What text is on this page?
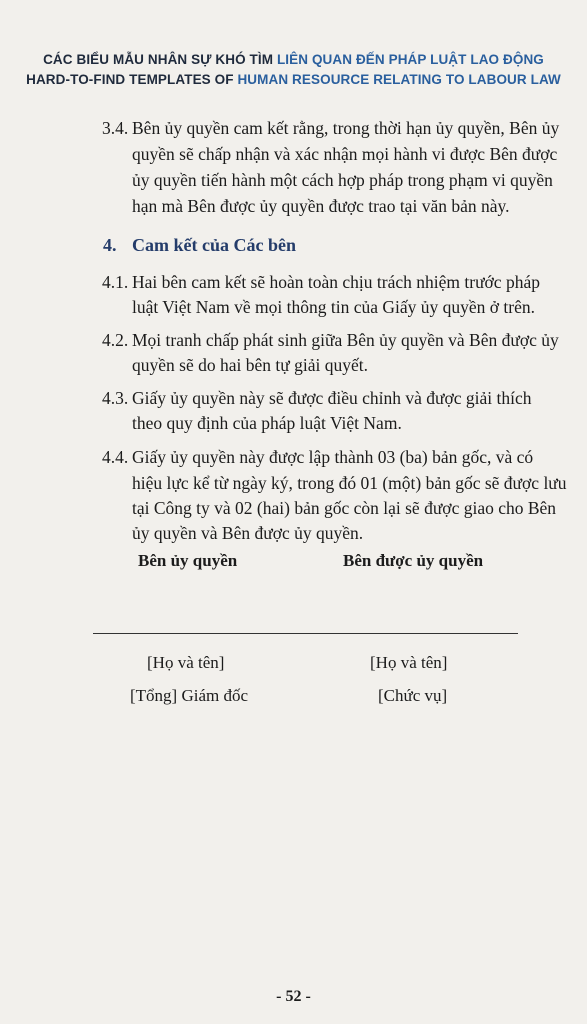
CÁC BIỂU MẪU NHÂN SỰ KHÓ TÌM LIÊN QUAN ĐẾN PHÁP LUẬT LAO ĐỘNG
HARD-TO-FIND TEMPLATES OF HUMAN RESOURCE RELATING TO LABOUR LAW
3.4. Bên ủy quyền cam kết rằng, trong thời hạn ủy quyền, Bên ủy
quyền sẽ chấp nhận và xác nhận mọi hành vi được Bên được
ủy quyền tiến hành một cách hợp pháp trong phạm vi quyền
hạn mà Bên được ủy quyền được trao tại văn bản này.
4. Cam kết của Các bên
4.1. Hai bên cam kết sẽ hoàn toàn chịu trách nhiệm trước pháp
luật Việt Nam về mọi thông tin của Giấy ủy quyền ở trên.
4.2. Mọi tranh chấp phát sinh giữa Bên ủy quyền và Bên được ủy
quyền sẽ do hai bên tự giải quyết.
4.3. Giấy ủy quyền này sẽ được điều chỉnh và được giải thích
theo quy định của pháp luật Việt Nam.
4.4. Giấy ủy quyền này được lập thành 03 (ba) bản gốc, và có
hiệu lực kể từ ngày ký, trong đó 01 (một) bản gốc sẽ được lưu
tại Công ty và 02 (hai) bản gốc còn lại sẽ được giao cho Bên
ủy quyền và Bên được ủy quyền.
Bên ủy quyền	Bên được ủy quyền
[Họ và tên]	[Họ và tên]
[Tổng] Giám đốc	[Chức vụ]
- 52 -
